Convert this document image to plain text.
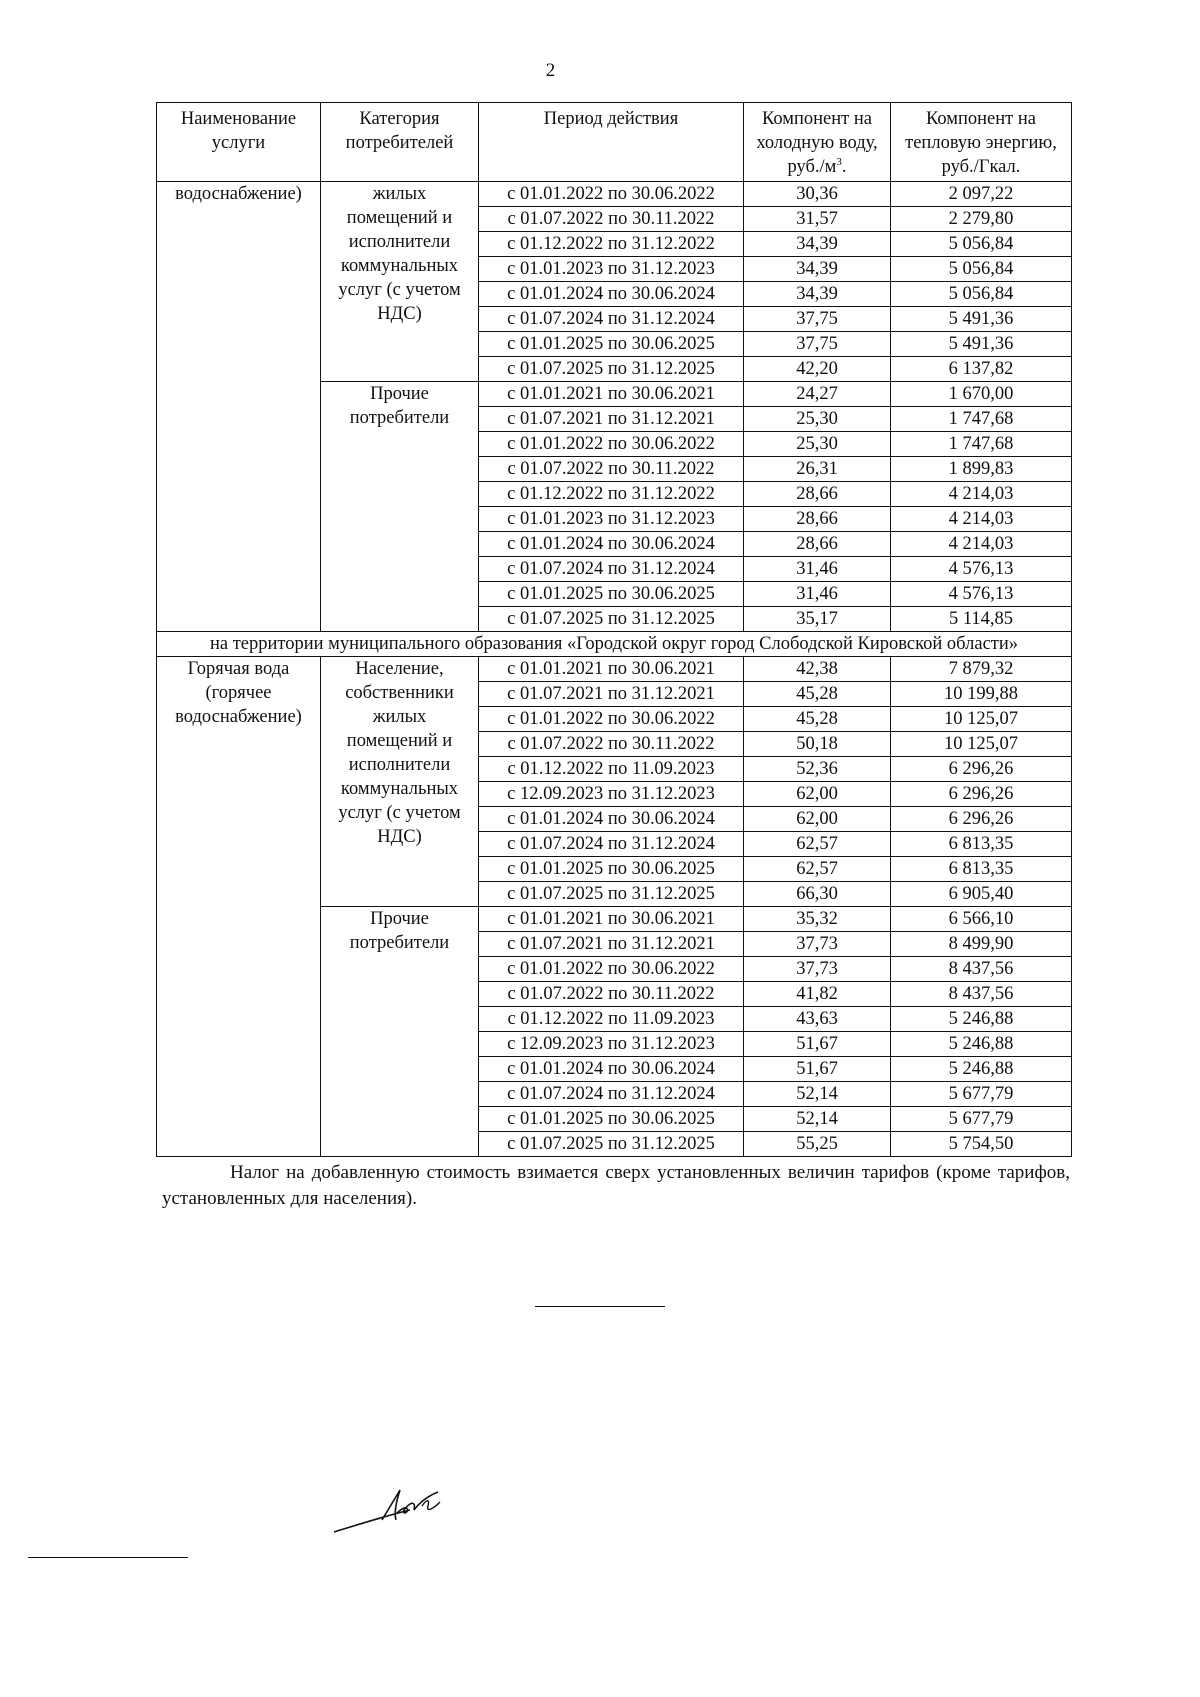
2
Наименование услуги	Категория потребителей	Период действия	Компонент на холодную воду, $руб./м^3$.	Компонент на тепловую энергию, руб./Гкал.
водоснабжение)	жилых помещений и исполнители коммунальных услуг (с учетом НДС)	с 01.01.2022 по 30.06.2022	30,36	2 097,22
		с 01.07.2022 по 30.11.2022	31,57	2 279,80
		с 01.12.2022 по 31.12.2022	34,39	5 056,84
		с 01.01.2023 по 31.12.2023	34,39	5 056,84
		с 01.01.2024 по 30.06.2024	34,39	5 056,84
		с 01.07.2024 по 31.12.2024	37,75	5 491,36
		с 01.01.2025 по 30.06.2025	37,75	5 491,36
		с 01.07.2025 по 31.12.2025	42,20	6 137,82
	Прочие потребители	с 01.01.2021 по 30.06.2021	24,27	1 670,00
		с 01.07.2021 по 31.12.2021	25,30	1 747,68
		с 01.01.2022 по 30.06.2022	25,30	1 747,68
		с 01.07.2022 по 30.11.2022	26,31	1 899,83
		с 01.12.2022 по 31.12.2022	28,66	4 214,03
		с 01.01.2023 по 31.12.2023	28,66	4 214,03
		с 01.01.2024 по 30.06.2024	28,66	4 214,03
		с 01.07.2024 по 31.12.2024	31,46	4 576,13
		с 01.01.2025 по 30.06.2025	31,46	4 576,13
		с 01.07.2025 по 31.12.2025	35,17	5 114,85
на территории муниципального образования «Городской округ город Слободской Кировской области»				
Горячая вода (горячее водоснабжение)	Население, собственники жилых помещений и исполнители коммунальных услуг (с учетом НДС)	с 01.01.2021 по 30.06.2021	42,38	7 879,32
		с 01.07.2021 по 31.12.2021	45,28	10 199,88
		с 01.01.2022 по 30.06.2022	45,28	10 125,07
		с 01.07.2022 по 30.11.2022	50,18	10 125,07
		с 01.12.2022 по 11.09.2023	52,36	6 296,26
		с 12.09.2023 по 31.12.2023	62,00	6 296,26
		с 01.01.2024 по 30.06.2024	62,00	6 296,26
		с 01.07.2024 по 31.12.2024	62,57	6 813,35
		с 01.01.2025 по 30.06.2025	62,57	6 813,35
		с 01.07.2025 по 31.12.2025	66,30	6 905,40
	Прочие потребители	с 01.01.2021 по 30.06.2021	35,32	6 566,10
		с 01.07.2021 по 31.12.2021	37,73	8 499,90
		с 01.01.2022 по 30.06.2022	37,73	8 437,56
		с 01.07.2022 по 30.11.2022	41,82	8 437,56
		с 01.12.2022 по 11.09.2023	43,63	5 246,88
		с 12.09.2023 по 31.12.2023	51,67	5 246,88
		с 01.01.2024 по 30.06.2024	51,67	5 246,88
		с 01.07.2024 по 31.12.2024	52,14	5 677,79
		с 01.01.2025 по 30.06.2025	52,14	5 677,79
		с 01.07.2025 по 31.12.2025	55,25	5 754,50
Налог на добавленную стоимость взимается сверх установленных величин тарифов (кроме тарифов, установленных для населения).
